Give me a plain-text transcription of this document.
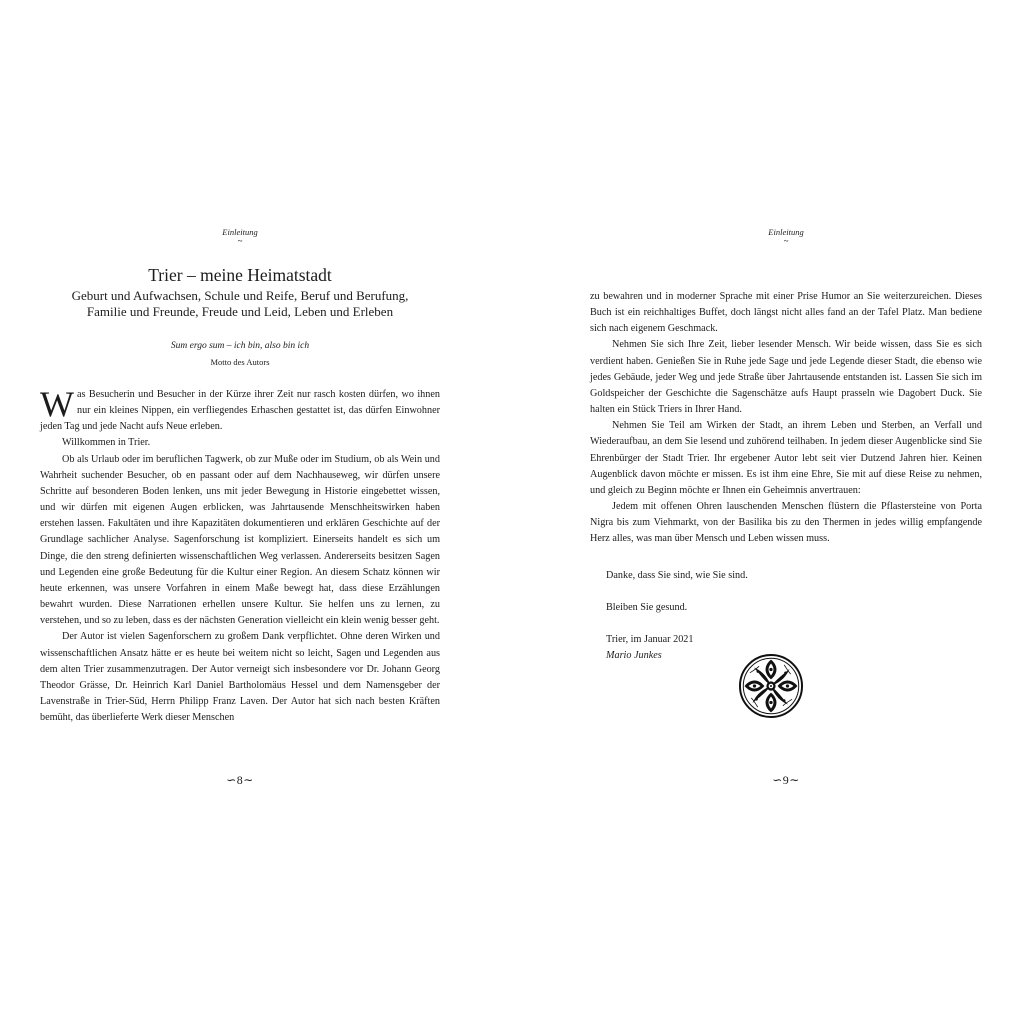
Einleitung
~
Trier – meine Heimatstadt
Geburt und Aufwachsen, Schule und Reife, Beruf und Berufung,
Familie und Freunde, Freude und Leid, Leben und Erleben
Sum ergo sum – ich bin, also bin ich
Motto des Autors

Was Besucherin und Besucher in der Kürze ihrer Zeit nur rasch kosten dürfen, wo ihnen nur ein kleines Nippen, ein verfliegendes Erhaschen gestattet ist, das dürfen Einwohner jeden Tag und jede Nacht aufs Neue erleben.

Willkommen in Trier.

Ob als Urlaub oder im beruflichen Tagwerk, ob zur Muße oder im Studium, ob als Wein und Wahrheit suchender Besucher, ob en passant oder auf dem Nachhauseweg, wir dürfen unsere Schritte auf besonderen Boden lenken, uns mit jeder Bewegung in Historie eingebettet wissen, und wir dürfen mit eigenen Augen erblicken, was Jahrtausende Menschheitswirken haben erstehen lassen. Fakultäten und ihre Kapazitäten dokumentieren und erklären Geschichte auf der Grundlage sachlicher Analyse. Sagenforschung ist kompliziert. Einerseits handelt es sich um Dinge, die den streng definierten wissenschaftlichen Weg verlassen. Andererseits besitzen Sagen und Legenden eine große Bedeutung für die Kultur einer Region. An diesem Schatz können wir heute erkennen, was unsere Vorfahren in einem Maße bewegt hat, dass diese Erzählungen bewahrt wurden. Diese Narrationen erhellen unsere Kultur. Sie helfen uns zu lernen, zu verstehen, und so zu leben, dass es der nächsten Generation vielleicht ein klein wenig besser geht.

Der Autor ist vielen Sagenforschern zu großem Dank verpflichtet. Ohne deren Wirken und wissenschaftlichen Ansatz hätte er es heute bei weitem nicht so leicht, Sagen und Legenden aus dem alten Trier zusammenzutragen. Der Autor verneigt sich insbesondere vor Dr. Johann Georg Theodor Grässe, Dr. Heinrich Karl Daniel Bartholomäus Hessel und dem Namensgeber der Lavenstraße in Trier-Süd, Herrn Philipp Franz Laven. Der Autor hat sich nach besten Kräften bemüht, das überlieferte Werk dieser Menschen

∽8∼
Einleitung
~

zu bewahren und in moderner Sprache mit einer Prise Humor an Sie weiterzureichen. Dieses Buch ist ein reichhaltiges Buffet, doch längst nicht alles fand an der Tafel Platz. Man bediene sich nach eigenem Geschmack.

Nehmen Sie sich Ihre Zeit, lieber lesender Mensch. Wir beide wissen, dass Sie es sich verdient haben. Genießen Sie in Ruhe jede Sage und jede Legende dieser Stadt, die ebenso wie jedes Gebäude, jeder Weg und jede Straße über Jahrtausende entstanden ist. Lassen Sie sich im Goldspeicher der Geschichte die Sagenschätze aufs Haupt prasseln wie Dagobert Duck. Sie halten ein Stück Triers in Ihrer Hand.

Nehmen Sie Teil am Wirken der Stadt, an ihrem Leben und Sterben, an Verfall und Wiederaufbau, an dem Sie lesend und zuhörend teilhaben. In jedem dieser Augenblicke sind Sie Ehrenbürger der Stadt Trier. Ihr ergebener Autor lebt seit vier Dutzend Jahren hier. Keinen Augenblick davon möchte er missen. Es ist ihm eine Ehre, Sie mit auf diese Reise zu nehmen, und gleich zu Beginn möchte er Ihnen ein Geheimnis anvertrauen:

Jedem mit offenen Ohren lauschenden Menschen flüstern die Pflastersteine von Porta Nigra bis zum Viehmarkt, von der Basilika bis zu den Thermen in jedes willig empfangende Herz alles, was man über Mensch und Leben wissen muss.

Danke, dass Sie sind, wie Sie sind.
Bleiben Sie gesund.
Trier, im Januar 2021
Mario Junkes
∽9∼
